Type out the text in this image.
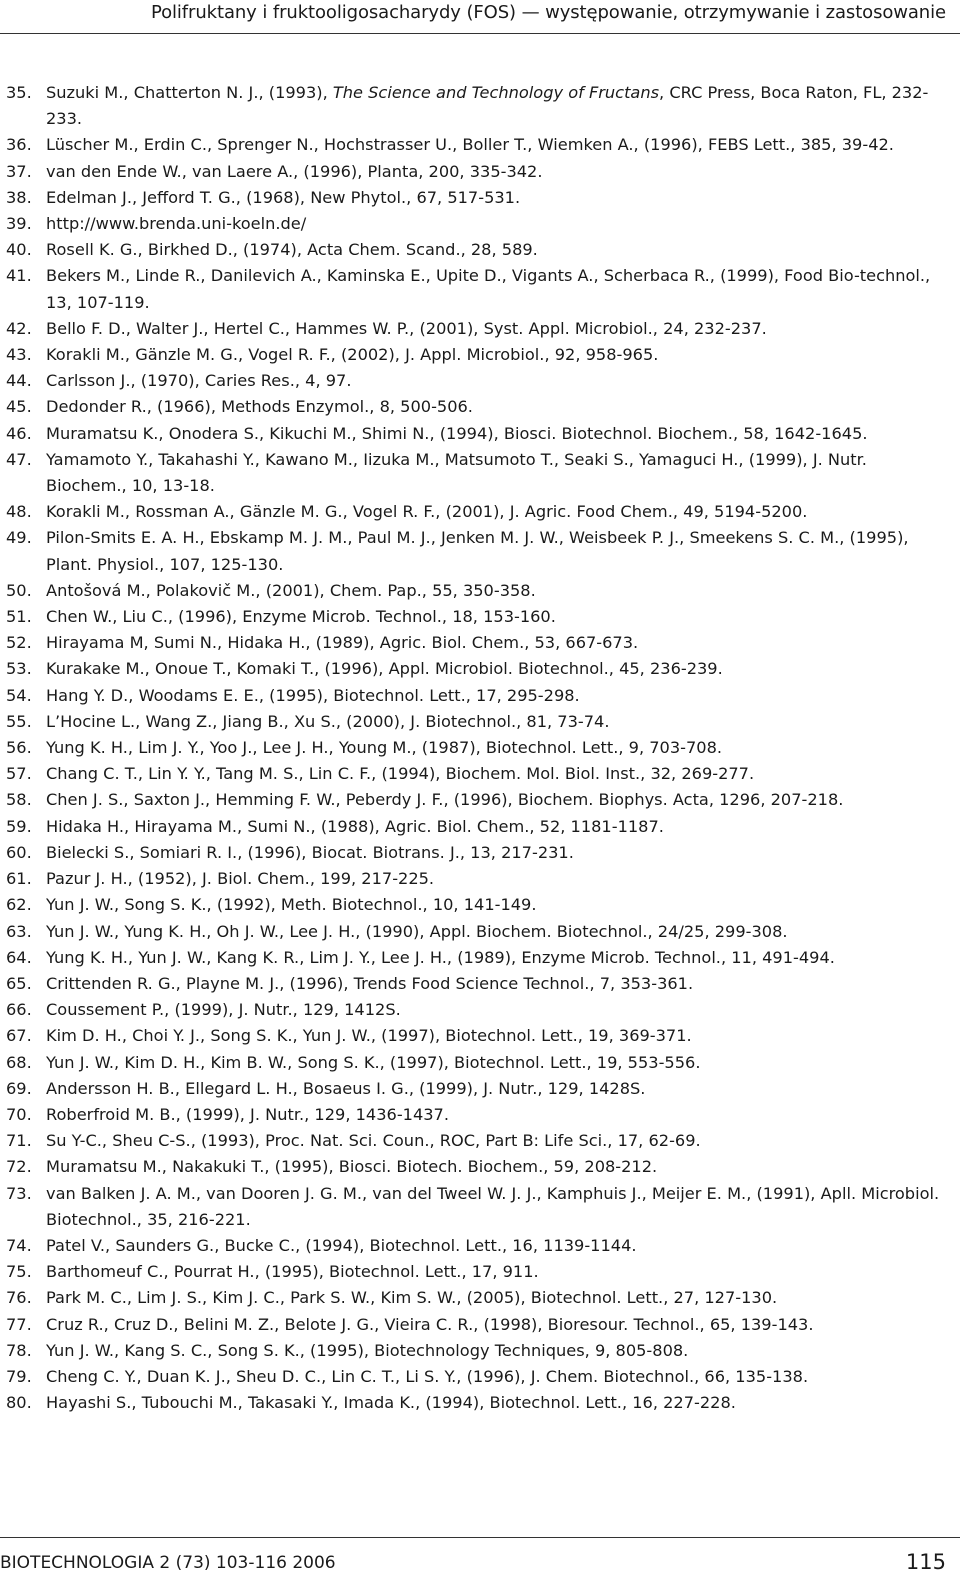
Polifruktany i fruktooligosacharydy (FOS) — występowanie, otrzymywanie i zastosowanie
35. Suzuki M., Chatterton N. J., (1993), The Science and Technology of Fructans, CRC Press, Boca Raton, FL, 232-233.
36. Lüscher M., Erdin C., Sprenger N., Hochstrasser U., Boller T., Wiemken A., (1996), FEBS Lett., 385, 39-42.
37. van den Ende W., van Laere A., (1996), Planta, 200, 335-342.
38. Edelman J., Jefford T. G., (1968), New Phytol., 67, 517-531.
39. http://www.brenda.uni-koeln.de/
40. Rosell K. G., Birkhed D., (1974), Acta Chem. Scand., 28, 589.
41. Bekers M., Linde R., Danilevich A., Kaminska E., Upite D., Vigants A., Scherbaca R., (1999), Food Bio-technol., 13, 107-119.
42. Bello F. D., Walter J., Hertel C., Hammes W. P., (2001), Syst. Appl. Microbiol., 24, 232-237.
43. Korakli M., Gänzle M. G., Vogel R. F., (2002), J. Appl. Microbiol., 92, 958-965.
44. Carlsson J., (1970), Caries Res., 4, 97.
45. Dedonder R., (1966), Methods Enzymol., 8, 500-506.
46. Muramatsu K., Onodera S., Kikuchi M., Shimi N., (1994), Biosci. Biotechnol. Biochem., 58, 1642-1645.
47. Yamamoto Y., Takahashi Y., Kawano M., Iizuka M., Matsumoto T., Seaki S., Yamaguci H., (1999), J. Nutr. Biochem., 10, 13-18.
48. Korakli M., Rossman A., Gänzle M. G., Vogel R. F., (2001), J. Agric. Food Chem., 49, 5194-5200.
49. Pilon-Smits E. A. H., Ebskamp M. J. M., Paul M. J., Jenken M. J. W., Weisbeek P. J., Smeekens S. C. M., (1995), Plant. Physiol., 107, 125-130.
50. Antošová M., Polakovič M., (2001), Chem. Pap., 55, 350-358.
51. Chen W., Liu C., (1996), Enzyme Microb. Technol., 18, 153-160.
52. Hirayama M, Sumi N., Hidaka H., (1989), Agric. Biol. Chem., 53, 667-673.
53. Kurakake M., Onoue T., Komaki T., (1996), Appl. Microbiol. Biotechnol., 45, 236-239.
54. Hang Y. D., Woodams E. E., (1995), Biotechnol. Lett., 17, 295-298.
55. L’Hocine L., Wang Z., Jiang B., Xu S., (2000), J. Biotechnol., 81, 73-74.
56. Yung K. H., Lim J. Y., Yoo J., Lee J. H., Young M., (1987), Biotechnol. Lett., 9, 703-708.
57. Chang C. T., Lin Y. Y., Tang M. S., Lin C. F., (1994), Biochem. Mol. Biol. Inst., 32, 269-277.
58. Chen J. S., Saxton J., Hemming F. W., Peberdy J. F., (1996), Biochem. Biophys. Acta, 1296, 207-218.
59. Hidaka H., Hirayama M., Sumi N., (1988), Agric. Biol. Chem., 52, 1181-1187.
60. Bielecki S., Somiari R. I., (1996), Biocat. Biotrans. J., 13, 217-231.
61. Pazur J. H., (1952), J. Biol. Chem., 199, 217-225.
62. Yun J. W., Song S. K., (1992), Meth. Biotechnol., 10, 141-149.
63. Yun J. W., Yung K. H., Oh J. W., Lee J. H., (1990), Appl. Biochem. Biotechnol., 24/25, 299-308.
64. Yung K. H., Yun J. W., Kang K. R., Lim J. Y., Lee J. H., (1989), Enzyme Microb. Technol., 11, 491-494.
65. Crittenden R. G., Playne M. J., (1996), Trends Food Science Technol., 7, 353-361.
66. Coussement P., (1999), J. Nutr., 129, 1412S.
67. Kim D. H., Choi Y. J., Song S. K., Yun J. W., (1997), Biotechnol. Lett., 19, 369-371.
68. Yun J. W., Kim D. H., Kim B. W., Song S. K., (1997), Biotechnol. Lett., 19, 553-556.
69. Andersson H. B., Ellegard L. H., Bosaeus I. G., (1999), J. Nutr., 129, 1428S.
70. Roberfroid M. B., (1999), J. Nutr., 129, 1436-1437.
71. Su Y-C., Sheu C-S., (1993), Proc. Nat. Sci. Coun., ROC, Part B: Life Sci., 17, 62-69.
72. Muramatsu M., Nakakuki T., (1995), Biosci. Biotech. Biochem., 59, 208-212.
73. van Balken J. A. M., van Dooren J. G. M., van del Tweel W. J. J., Kamphuis J., Meijer E. M., (1991), Apll. Microbiol. Biotechnol., 35, 216-221.
74. Patel V., Saunders G., Bucke C., (1994), Biotechnol. Lett., 16, 1139-1144.
75. Barthomeuf C., Pourrat H., (1995), Biotechnol. Lett., 17, 911.
76. Park M. C., Lim J. S., Kim J. C., Park S. W., Kim S. W., (2005), Biotechnol. Lett., 27, 127-130.
77. Cruz R., Cruz D., Belini M. Z., Belote J. G., Vieira C. R., (1998), Bioresour. Technol., 65, 139-143.
78. Yun J. W., Kang S. C., Song S. K., (1995), Biotechnology Techniques, 9, 805-808.
79. Cheng C. Y., Duan K. J., Sheu D. C., Lin C. T., Li S. Y., (1996), J. Chem. Biotechnol., 66, 135-138.
80. Hayashi S., Tubouchi M., Takasaki Y., Imada K., (1994), Biotechnol. Lett., 16, 227-228.
BIOTECHNOLOGIA 2 (73) 103-116 2006	115
